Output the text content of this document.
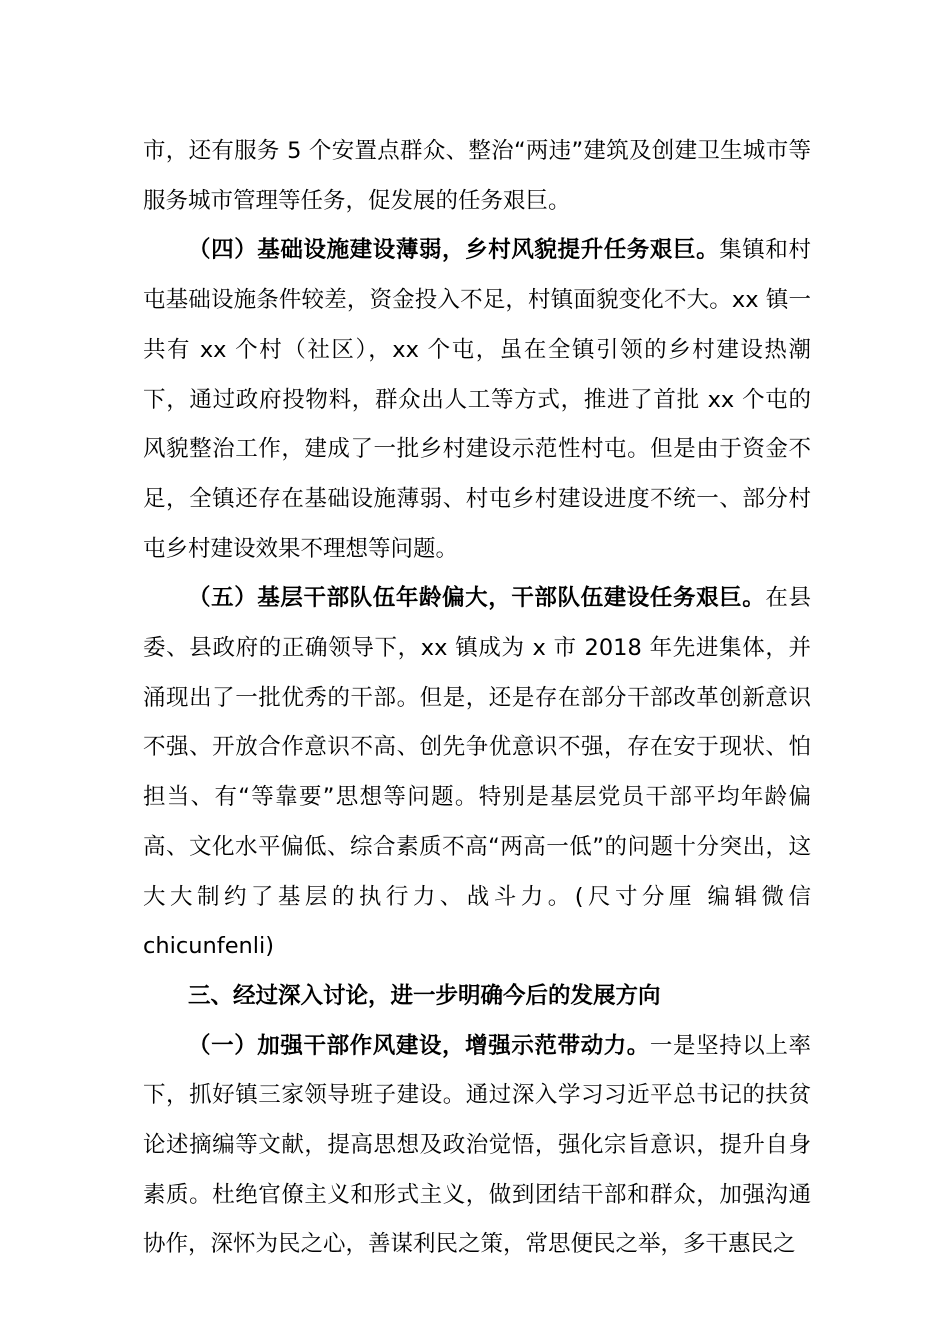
市，还有服务 5 个安置点群众、整治“两违”建筑及创建卫生城市等服务城市管理等任务，促发展的任务艰巨。

（四）基础设施建设薄弱，乡村风貌提升任务艰巨。集镇和村屯基础设施条件较差，资金投入不足，村镇面貌变化不大。xx 镇一共有 xx 个村（社区），xx 个屯，虽在全镇引领的乡村建设热潮下，通过政府投物料，群众出人工等方式，推进了首批 xx 个屯的风貌整治工作，建成了一批乡村建设示范性村屯。但是由于资金不足，全镇还存在基础设施薄弱、村屯乡村建设进度不统一、部分村屯乡村建设效果不理想等问题。

（五）基层干部队伍年龄偏大，干部队伍建设任务艰巨。在县委、县政府的正确领导下，xx 镇成为 x 市 2018 年先进集体，并涌现出了一批优秀的干部。但是，还是存在部分干部改革创新意识不强、开放合作意识不高、创先争优意识不强，存在安于现状、怕担当、有“等靠要”思想等问题。特别是基层党员干部平均年龄偏高、文化水平偏低、综合素质不高“两高一低”的问题十分突出，这大大制约了基层的执行力、战斗力。(尺寸分厘 编辑微信 chicunfenli)

三、经过深入讨论，进一步明确今后的发展方向

（一）加强干部作风建设，增强示范带动力。一是坚持以上率下，抓好镇三家领导班子建设。通过深入学习习近平总书记的扶贫论述摘编等文献，提高思想及政治觉悟，强化宗旨意识，提升自身素质。杜绝官僚主义和形式主义，做到团结干部和群众，加强沟通协作，深怀为民之心，善谋利民之策，常思便民之举，多干惠民之
